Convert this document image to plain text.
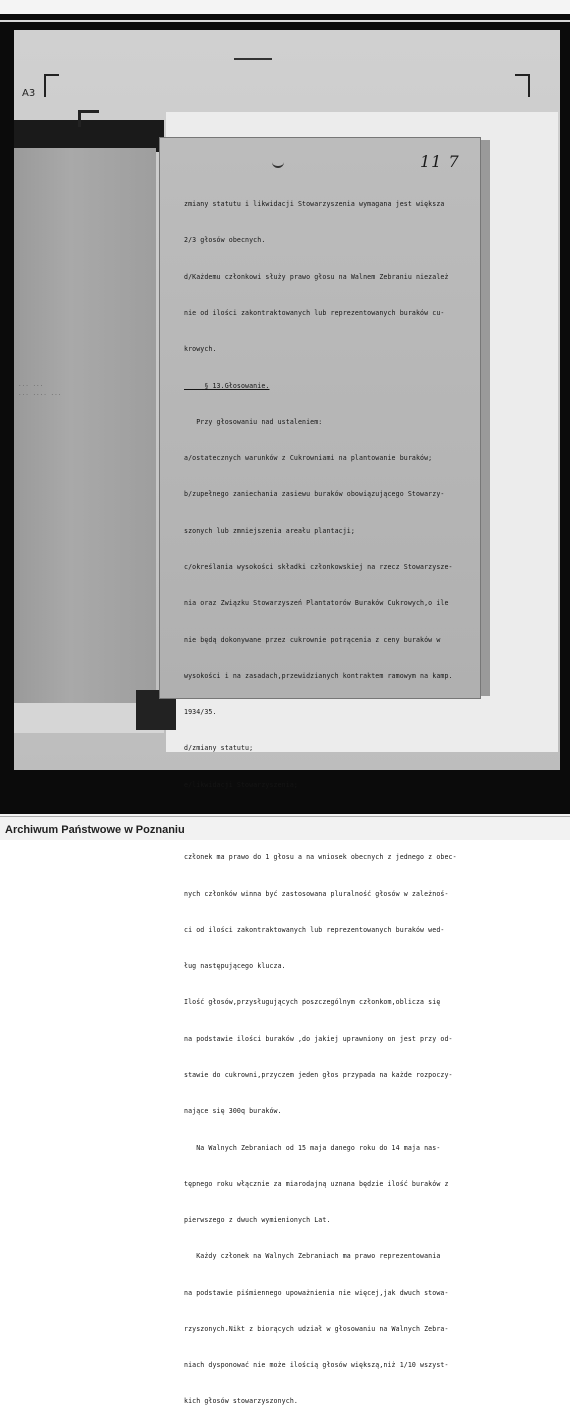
A3
... ...
... .... ...
11 7

zmiany statutu i likwidacji Stowarzyszenia wymagana jest większa

2/3 głosów obecnych.

d/Każdemu członkowi służy prawo głosu na Walnem Zebraniu niezależ

nie od ilości zakontraktowanych lub reprezentowanych buraków cu-

krowych.

§ 13.Głosowanie.

Przy głosowaniu nad ustaleniem:

a/ostatecznych warunków z Cukrowniami na plantowanie buraków;

b/zupełnego zaniechania zasiewu buraków obowiązującego Stowarzy-

szonych lub zmniejszenia areału plantacji;

c/określania wysokości składki członkowskiej na rzecz Stowarzysze-

nia oraz Związku Stowarzyszeń Plantatorów Buraków Cukrowych,o ile

nie będą dokonywane przez cukrownie potrącenia z ceny buraków w

wysokości i na zasadach,przewidzianych kontraktem ramowym na kamp.

1934/35.

d/zmiany statutu;

e/likwidacji Stowarzyszenia;

członek ma prawo do 1 głosu a na wniosek obecnych z jednego z obec-

nych członków winna być zastosowana pluralność głosów w zależnoś-

ci od ilości zakontraktowanych lub reprezentowanych buraków wed-

ług następującego klucza.

Ilość głosów,przysługujących poszczególnym członkom,oblicza się

na podstawie ilości buraków ,do jakiej uprawniony on jest przy od-

stawie do cukrowni,przyczem jeden głos przypada na każde rozpoczy-

nające się 300q buraków.

Na Walnych Zebraniach od 15 maja danego roku do 14 maja nas-

tępnego roku włącznie za miarodajną uznana będzie ilość buraków z

pierwszego z dwuch wymienionych Lat.

Każdy członek na Walnych Zebraniach ma prawo reprezentowania

na podstawie piśmiennego upoważnienia nie więcej,jak dwuch stowa-

rzyszonych.Nikt z biorących udział w głosowaniu na Walnych Zebra-

niach dysponować nie może ilością głosów większą,niż 1/10 wszyst-

kich głosów stowarzyszonych.

Archiwum Państwowe w Poznaniu
